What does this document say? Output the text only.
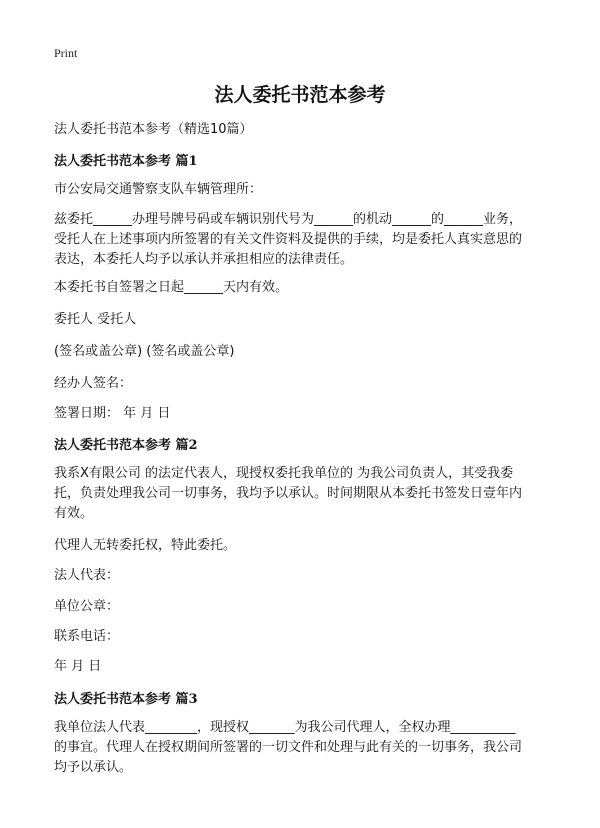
Print
法人委托书范本参考

法人委托书范本参考（精选10篇）

法人委托书范本参考 篇1

市公安局交通警察支队车辆管理所：

兹委托______办理号牌号码或车辆识别代号为______的机动______的______业务，
受托人在上述事项内所签署的有关文件资料及提供的手续，均是委托人真实意思的
表达，本委托人均予以承认并承担相应的法律责任。

本委托书自签署之日起______天内有效。

委托人 受托人

(签名或盖公章) (签名或盖公章)

经办人签名：

签署日期： 年 月 日

法人委托书范本参考 篇2
我系X有限公司 的法定代表人，现授权委托我单位的 为我公司负责人，其受我委
托，负责处理我公司一切事务，我均予以承认。时间期限从本委托书签发日壹年内
有效。

代理人无转委托权，特此委托。

法人代表：

单位公章：

联系电话：

年 月 日

法人委托书范本参考 篇3
我单位法人代表________，现授权_______为我公司代理人，全权办理__________
的事宜。代理人在授权期间所签署的一切文件和处理与此有关的一切事务，我公司
均予以承认。
